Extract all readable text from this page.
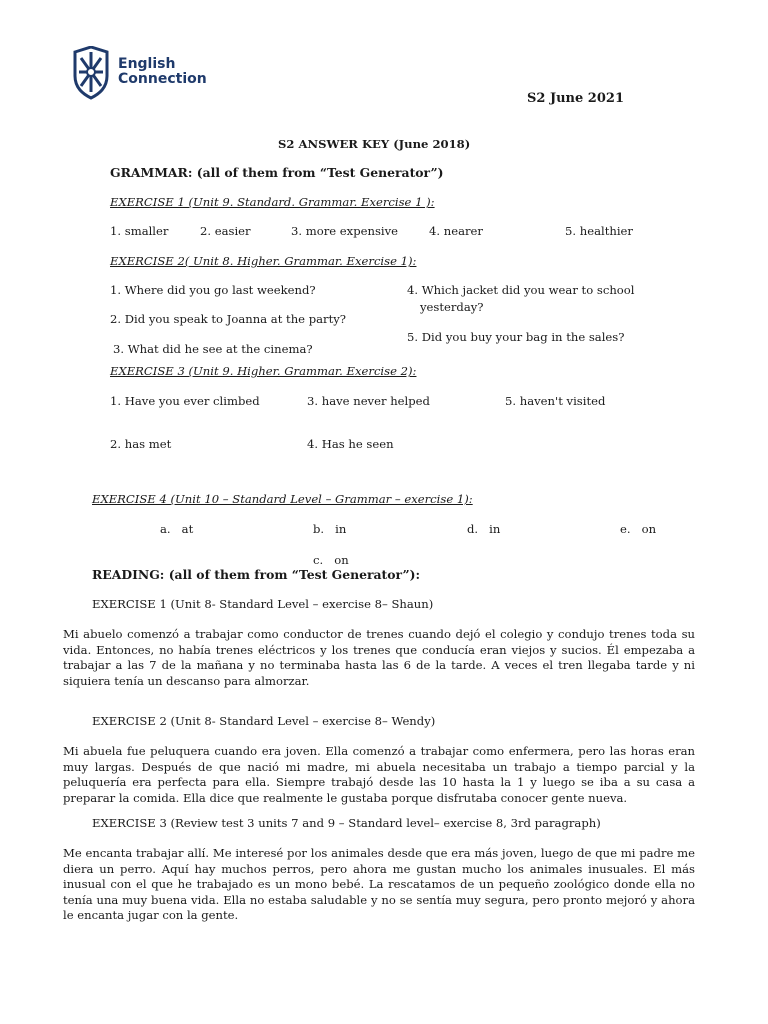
English
Connection
S2 June 2021
S2 ANSWER KEY (June 2018)
GRAMMAR: (all of them from “Test Generator”)
EXERCISE 1 (Unit 9. Standard. Grammar. Exercise 1 ):
1. smaller	2. easier	3. more expensive	4. nearer	5. healthier
EXERCISE 2( Unit 8. Higher. Grammar. Exercise 1):
1. Where did you go last weekend?
2. Did you speak to Joanna at the party?
3. What did he see at the cinema?
4. Which jacket did you wear to school
yesterday?
5. Did you buy your bag in the sales?
EXERCISE 3 (Unit 9. Higher. Grammar. Exercise 2):
1. Have you ever climbed	3. have never helped	5. haven't visited
2. has met	4. Has he seen
EXERCISE 4 (Unit 10 – Standard Level – Grammar – exercise 1):
a. at	b. in	d. in	e. on
c. on
READING: (all of them from “Test Generator”):
EXERCISE 1 (Unit 8- Standard Level – exercise 8– Shaun)
Mi abuelo comenzó a trabajar como conductor de trenes cuando dejó el colegio y condujo trenes toda su vida. Entonces, no había trenes eléctricos y los trenes que conducía eran viejos y sucios. Él empezaba a trabajar a las 7 de la mañana y no terminaba hasta las 6 de la tarde. A veces el tren llegaba tarde y ni siquiera tenía un descanso para almorzar.
EXERCISE 2 (Unit 8- Standard Level – exercise 8– Wendy)
Mi abuela fue peluquera cuando era joven. Ella comenzó a trabajar como enfermera, pero las horas eran muy largas. Después de que nació mi madre, mi abuela necesitaba un trabajo a tiempo parcial y la peluquería era perfecta para ella. Siempre trabajó desde las 10 hasta la 1 y luego se iba a su casa a preparar la comida. Ella dice que realmente le gustaba porque disfrutaba conocer gente nueva.
EXERCISE 3 (Review test 3 units 7 and 9 – Standard level– exercise 8, 3rd paragraph)
Me encanta trabajar allí. Me interesé por los animales desde que era más joven, luego de que mi padre me diera un perro. Aquí hay muchos perros, pero ahora me gustan mucho los animales inusuales. El más inusual con el que he trabajado es un mono bebé. La rescatamos de un pequeño zoológico donde ella no tenía una muy buena vida. Ella no estaba saludable y no se sentía muy segura, pero pronto mejoró y ahora le encanta jugar con la gente.
